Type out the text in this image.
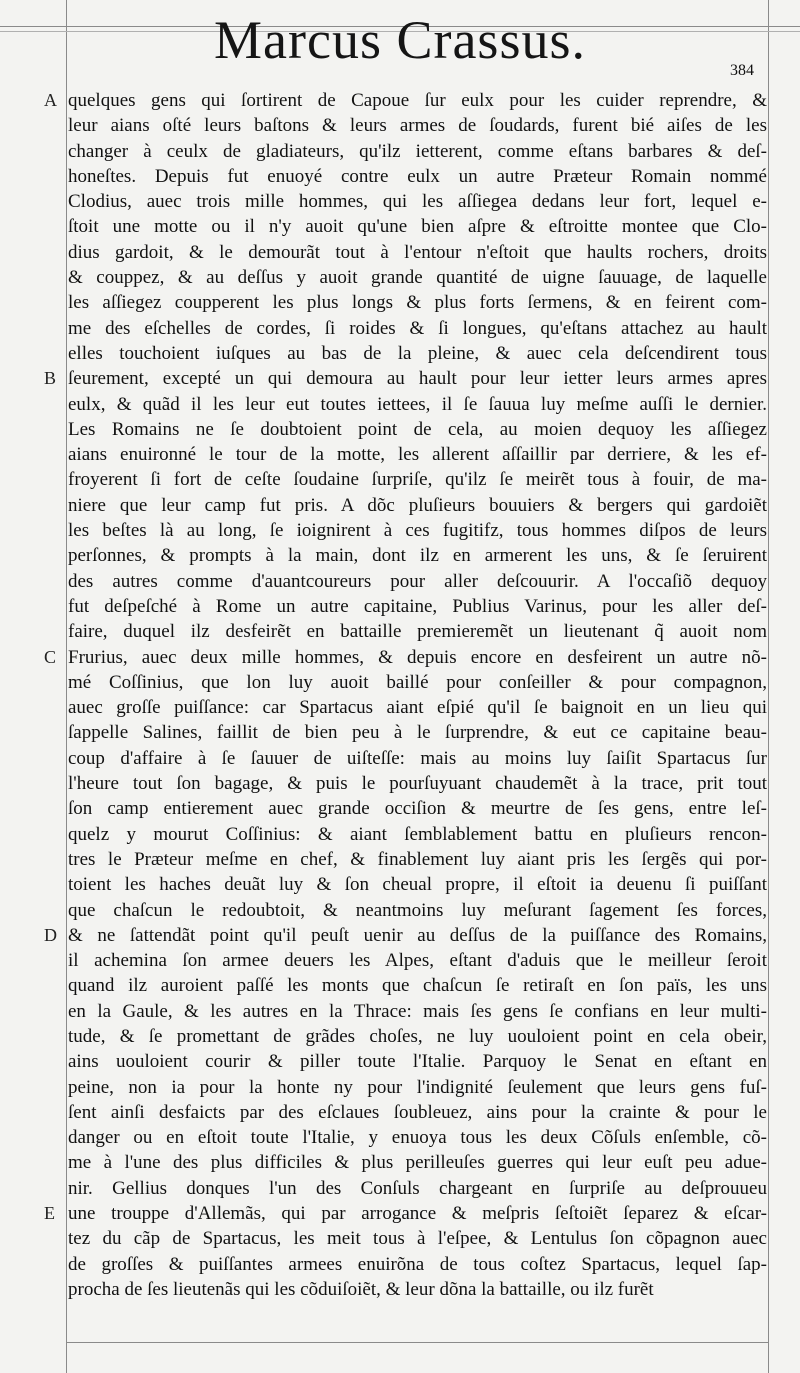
Marcus Crassus.
384
quelques gens qui ſortirent de Capoue ſur eulx pour les cuider reprendre, &
leur aians oſté leurs baſtons & leurs armes de ſoudards, furent bié aiſes de les
changer à ceulx de gladiateurs, qu'ilz ietterent, comme eſtans barbares & deſ-
honeſtes. Depuis fut enuoyé contre eulx un autre Præteur Romain nommé
Clodius, auec trois mille hommes, qui les aſſiegea dedans leur fort, lequel e-
ſtoit une motte ou il n'y auoit qu'une bien aſpre & eſtroitte montee que Clo-
dius gardoit, & le demourãt tout à l'entour n'eſtoit que haults rochers, droits
& couppez, & au deſſus y auoit grande quantité de uigne ſauuage, de laquelle
les aſſiegez coupperent les plus longs & plus forts ſermens, & en feirent com-
me des eſchelles de cordes, ſi roides & ſi longues, qu'eſtans attachez au hault
elles touchoient iuſques au bas de la pleine, & auec cela deſcendirent tous
ſeurement, excepté un qui demoura au hault pour leur ietter leurs armes apres
eulx, & quãd il les leur eut toutes iettees, il ſe ſauua luy meſme auſſi le dernier.
Les Romains ne ſe doubtoient point de cela, au moien dequoy les aſſiegez
aians enuironné le tour de la motte, les allerent aſſaillir par derriere, & les ef-
froyerent ſi fort de ceſte ſoudaine ſurpriſe, qu'ilz ſe meirẽt tous à fouir, de ma-
niere que leur camp fut pris. A dõc pluſieurs bouuiers & bergers qui gardoiẽt
les beſtes là au long, ſe ioignirent à ces fugitifz, tous hommes diſpos de leurs
perſonnes, & prompts à la main, dont ilz en armerent les uns, & ſe ſeruirent
des autres comme d'auantcoureurs pour aller deſcouurir. A l'occaſiõ dequoy
fut deſpeſché à Rome un autre capitaine, Publius Varinus, pour les aller deſ-
faire, duquel ilz desfeirẽt en battaille premieremẽt un lieutenant q̃ auoit nom
Frurius, auec deux mille hommes, & depuis encore en desfeirent un autre nõ-
mé Coſſinius, que lon luy auoit baillé pour conſeiller & pour compagnon,
auec groſſe puiſſance: car Spartacus aiant eſpié qu'il ſe baignoit en un lieu qui
ſappelle Salines, faillit de bien peu à le ſurprendre, & eut ce capitaine beau-
coup d'affaire à ſe ſauuer de uiſteſſe: mais au moins luy ſaiſit Spartacus ſur
l'heure tout ſon bagage, & puis le pourſuyuant chaudemẽt à la trace, prit tout
ſon camp entierement auec grande occiſion & meurtre de ſes gens, entre leſ-
quelz y mourut Coſſinius: & aiant ſemblablement battu en pluſieurs rencon-
tres le Præteur meſme en chef, & finablement luy aiant pris les ſergẽs qui por-
toient les haches deuãt luy & ſon cheual propre, il eſtoit ia deuenu ſi puiſſant
que chaſcun le redoubtoit, & neantmoins luy meſurant ſagement ſes forces,
& ne ſattendãt point qu'il peuſt uenir au deſſus de la puiſſance des Romains,
il achemina ſon armee deuers les Alpes, eſtant d'aduis que le meilleur ſeroit
quand ilz auroient paſſé les monts que chaſcun ſe retiraſt en ſon païs, les uns
en la Gaule, & les autres en la Thrace: mais ſes gens ſe confians en leur multi-
tude, & ſe promettant de grãdes choſes, ne luy uouloient point en cela obeir,
ains uouloient courir & piller toute l'Italie. Parquoy le Senat en eſtant en
peine, non ia pour la honte ny pour l'indignité ſeulement que leurs gens fuſ-
ſent ainſi desfaicts par des eſclaues ſoubleuez, ains pour la crainte & pour le
danger ou en eſtoit toute l'Italie, y enuoya tous les deux Cõſuls enſemble, cõ-
me à l'une des plus difficiles & plus perilleuſes guerres qui leur euſt peu adue-
nir. Gellius donques l'un des Conſuls chargeant en ſurpriſe au deſprouueu
une trouppe d'Allemãs, qui par arrogance & meſpris ſeſtoiẽt ſeparez & eſcar-
tez du cãp de Spartacus, les meit tous à l'eſpee, & Lentulus ſon cõpagnon auec
de groſſes & puiſſantes armees enuirõna de tous coſtez Spartacus, lequel ſap-
procha de ſes lieutenãs qui les cõduiſoiẽt, & leur dõna la battaille, ou ilz furẽt
A
B
C
D
E
